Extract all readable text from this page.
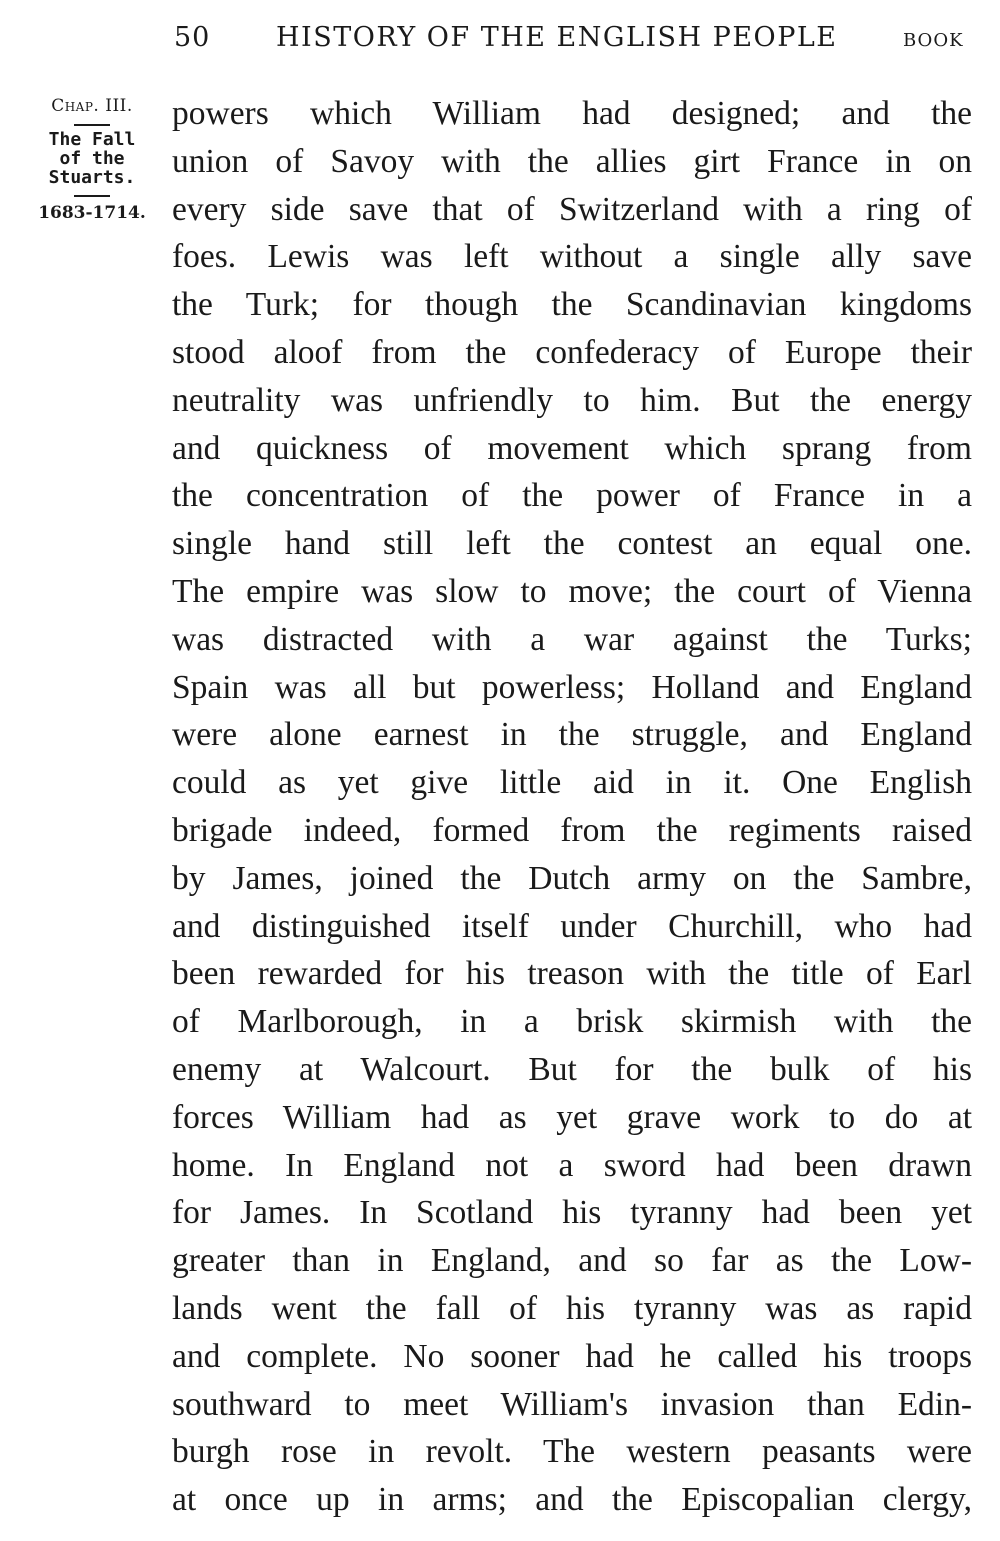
50 HISTORY OF THE ENGLISH PEOPLE	BOOK
Chap. III.
The Fall
of the
Stuarts.
1683-1714.
powers which William had designed; and the
union of Savoy with the allies girt France in on
every side save that of Switzerland with a ring of
foes. Lewis was left without a single ally save
the Turk; for though the Scandinavian kingdoms
stood aloof from the confederacy of Europe their
neutrality was unfriendly to him. But the energy
and quickness of movement which sprang from
the concentration of the power of France in a
single hand still left the contest an equal one.
The empire was slow to move; the court of Vienna
was distracted with a war against the Turks;
Spain was all but powerless; Holland and England
were alone earnest in the struggle, and England
could as yet give little aid in it. One English
brigade indeed, formed from the regiments raised
by James, joined the Dutch army on the Sambre,
and distinguished itself under Churchill, who had
been rewarded for his treason with the title of Earl
of Marlborough, in a brisk skirmish with the
enemy at Walcourt. But for the bulk of his
forces William had as yet grave work to do at
home. In England not a sword had been drawn
for James. In Scotland his tyranny had been yet
greater than in England, and so far as the Low-
lands went the fall of his tyranny was as rapid
and complete. No sooner had he called his troops
southward to meet William's invasion than Edin-
burgh rose in revolt. The western peasants were
at once up in arms; and the Episcopalian clergy,
